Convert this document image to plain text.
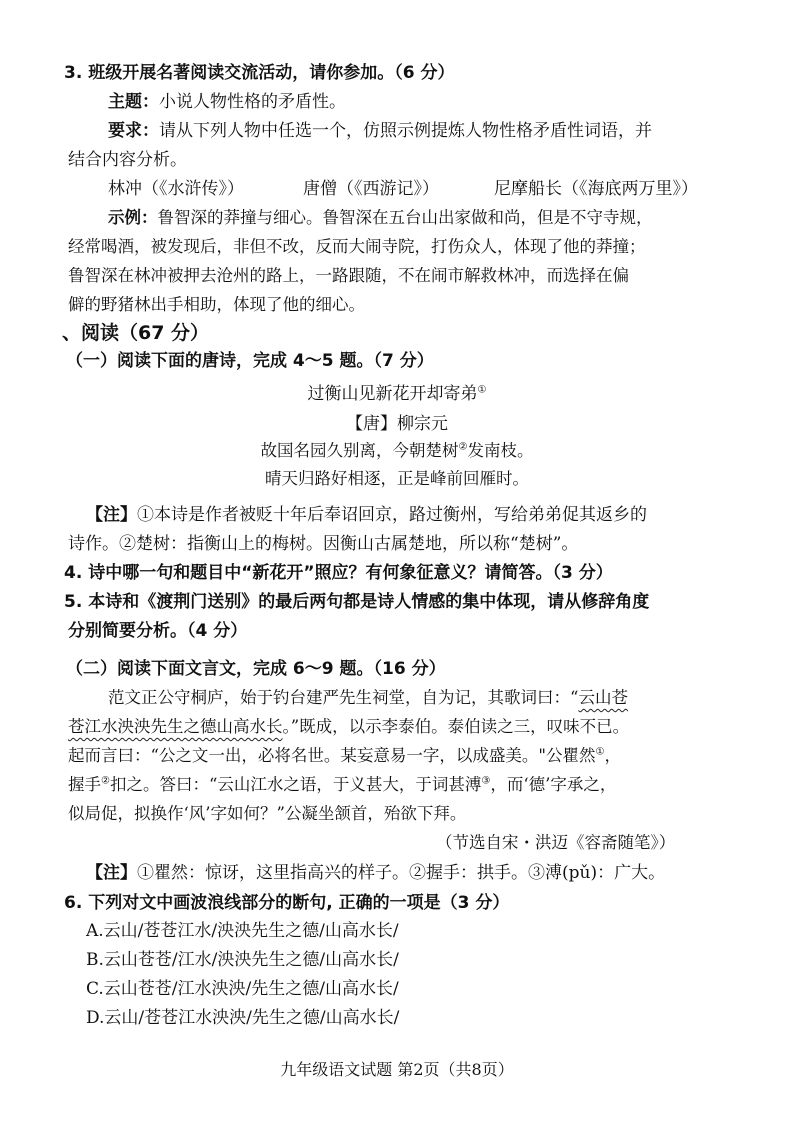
3. 班级开展名著阅读交流活动，请你参加。（6 分）
主题：小说人物性格的矛盾性。
要求：请从下列人物中任选一个，仿照示例提炼人物性格矛盾性词语，并
结合内容分析。
林冲（《水浒传》）	唐僧（《西游记》）	尼摩船长（《海底两万里》）
示例：鲁智深的莽撞与细心。鲁智深在五台山出家做和尚，但是不守寺规，
经常喝酒，被发现后，非但不改，反而大闹寺院，打伤众人，体现了他的莽撞；
鲁智深在林冲被押去沧州的路上，一路跟随，不在闹市解救林冲，而选择在偏
僻的野猪林出手相助，体现了他的细心。
、阅读（67 分）
（一）阅读下面的唐诗，完成 4～5 题。（7 分）
过衡山见新花开却寄弟①
【唐】柳宗元
故国名园久别离，今朝楚树②发南枝。
晴天归路好相逐，正是峰前回雁时。
【注】①本诗是作者被贬十年后奉诏回京，路过衡州，写给弟弟促其返乡的
诗作。②楚树：指衡山上的梅树。因衡山古属楚地，所以称“楚树”。
4. 诗中哪一句和题目中“新花开”照应？有何象征意义？请简答。（3 分）
5. 本诗和《渡荆门送别》的最后两句都是诗人情感的集中体现，请从修辞角度
分别简要分析。（4 分）
（二）阅读下面文言文，完成 6～9 题。（16 分）
范文正公守桐庐，始于钓台建严先生祠堂，自为记，其歌词曰：“云山苍
苍江水泱泱先生之德山高水长。”既成，以示李泰伯。泰伯读之三，叹味不已。
起而言曰：“公之文一出，必将名世。某妄意易一字，以成盛美。"公瞿然①，
握手②扣之。答曰：“云山江水之语，于义甚大，于词甚溥③，而‘德’字承之，
似局促，拟换作‘风’字如何？”公凝坐颔首，殆欲下拜。
（节选自宋・洪迈《容斋随笔》）
【注】①瞿然：惊讶，这里指高兴的样子。②握手：拱手。③溥(pǔ)：广大。
6. 下列对文中画波浪线部分的断句, 正确的一项是（3 分）
A.云山/苍苍江水/泱泱先生之德/山高水长/
B.云山苍苍/江水/泱泱先生之德/山高水长/
C.云山苍苍/江水泱泱/先生之德/山高水长/
D.云山/苍苍江水泱泱/先生之德/山高水长/
九年级语文试题 第2页（共8页）
